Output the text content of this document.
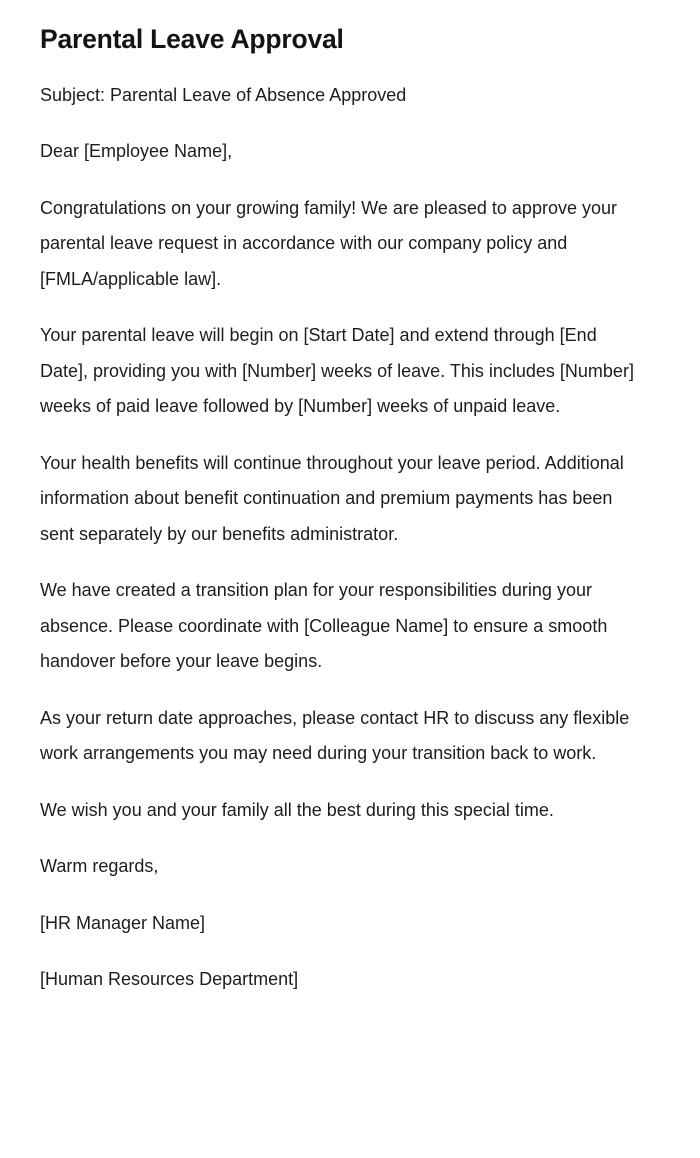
Parental Leave Approval

Subject: Parental Leave of Absence Approved

Dear [Employee Name],

Congratulations on your growing family! We are pleased to approve your parental leave request in accordance with our company policy and [FMLA/applicable law].

Your parental leave will begin on [Start Date] and extend through [End Date], providing you with [Number] weeks of leave. This includes [Number] weeks of paid leave followed by [Number] weeks of unpaid leave.

Your health benefits will continue throughout your leave period. Additional information about benefit continuation and premium payments has been sent separately by our benefits administrator.

We have created a transition plan for your responsibilities during your absence. Please coordinate with [Colleague Name] to ensure a smooth handover before your leave begins.

As your return date approaches, please contact HR to discuss any flexible work arrangements you may need during your transition back to work.

We wish you and your family all the best during this special time.

Warm regards,

[HR Manager Name]

[Human Resources Department]
